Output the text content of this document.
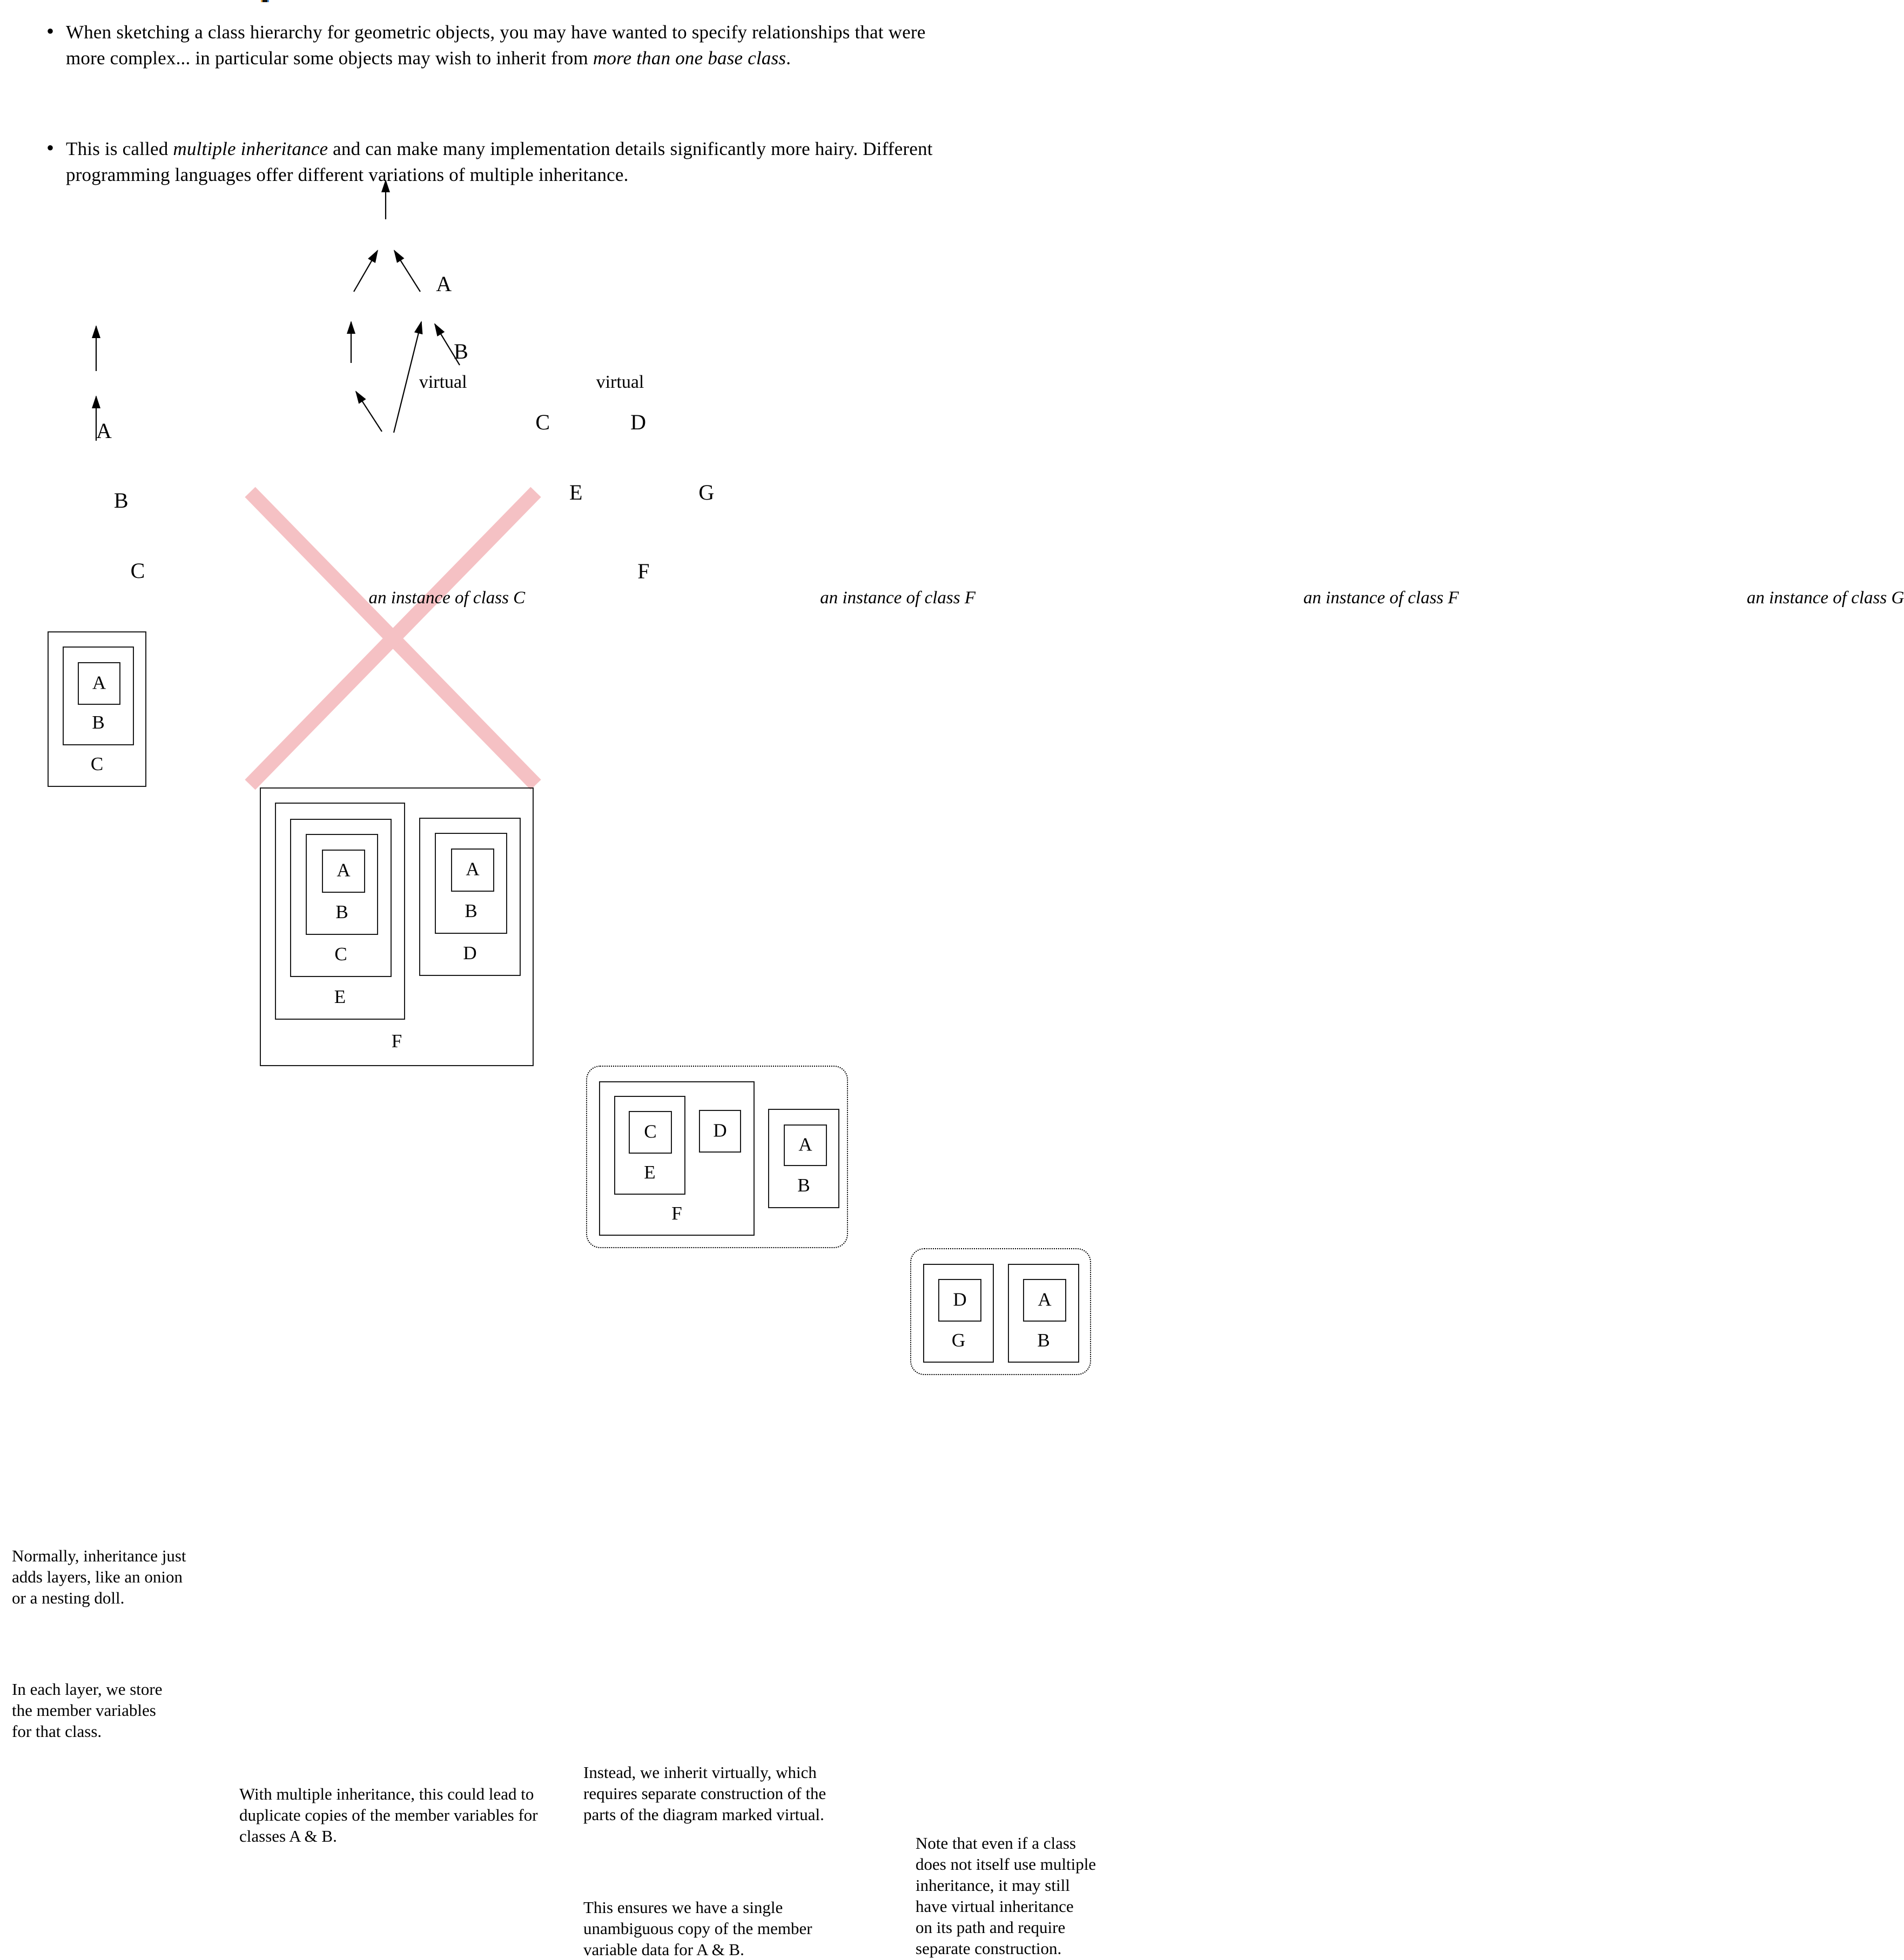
• When sketching a class hierarchy for geometric objects, you may have wanted to specify relationships that were
more complex... in particular some objects may wish to inherit from more than one base class.
• This is called multiple inheritance and can make many implementation details significantly more hairy. Different
programming languages offer different variations of multiple inheritance.
A B C A B virtual	virtual C	D E	G F an instance of class C	an instance of class F	an instance of class F	an instance of class G
C
B
A
F
E
C
B
A
D
B
A
F
E
C	D
B
A
G
D
B
A
Normally, inheritance just
adds layers, like an onion
or a nesting doll.
In each layer, we store
the member variables
for that class.
With multiple inheritance, this could lead to
duplicate copies of the member variables for
classes A & B.
Instead, we inherit virtually, which
requires separate construction of the
parts of the diagram marked virtual.
This ensures we have a single
unambiguous copy of the member
variable data for A & B.
Note that even if a class
does not itself use multiple
inheritance, it may still
have virtual inheritance
on its path and require
separate construction.
